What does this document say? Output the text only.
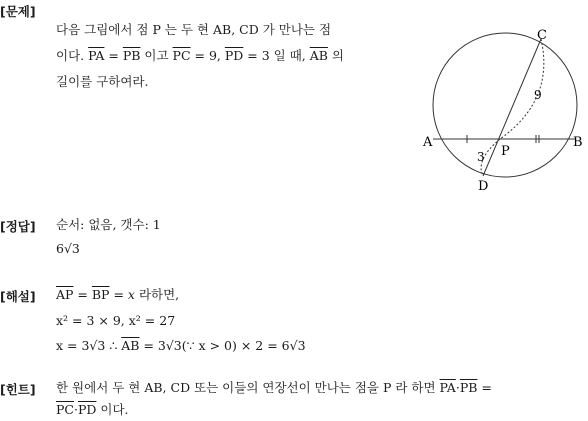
[문제]
다음 그림에서 점 P 는 두 현 AB, CD 가 만나는 점
이다. $\overline{PA} = \overline{PB}$ 이고 $\overline{PC} = 9$, $\overline{PD} = 3$ 일 때, $\overline{AB}$ 의
길이를 구하여라.
A	B
C
D
P
9
3
[정답] 순서: 없음, 갯수: 1
6√3
[해설] $\overline{AP} = \overline{BP} = x$ 라하면,
x² = 3 × 9, x² = 27
x = 3√3 ∴ $\overline{AB}$ = 3√3(∵ x > 0) × 2 = 6√3
[힌트] 한 원에서 두 현 AB, CD 또는 이들의 연장선이 만나는 점을 P 라 하면 $\overline{PA}\cdot\overline{PB}$ =
$\overline{PC}\cdot\overline{PD}$ 이다.
